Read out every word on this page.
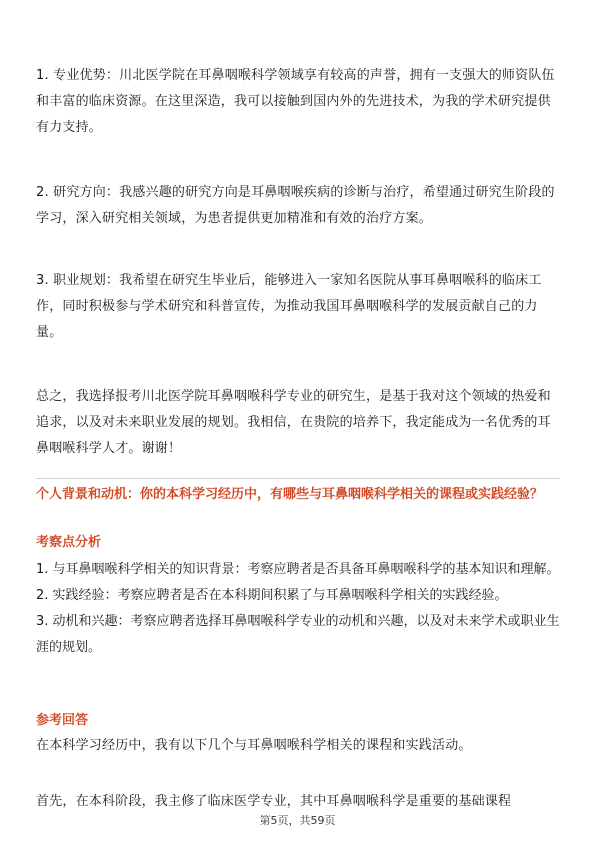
1. 专业优势：川北医学院在耳鼻咽喉科学领域享有较高的声誉，拥有一支强大的师资队伍和丰富的临床资源。在这里深造，我可以接触到国内外的先进技术，为我的学术研究提供有力支持。

2. 研究方向：我感兴趣的研究方向是耳鼻咽喉疾病的诊断与治疗，希望通过研究生阶段的学习，深入研究相关领域，为患者提供更加精准和有效的治疗方案。

3. 职业规划：我希望在研究生毕业后，能够进入一家知名医院从事耳鼻咽喉科的临床工作，同时积极参与学术研究和科普宣传，为推动我国耳鼻咽喉科学的发展贡献自己的力量。

总之，我选择报考川北医学院耳鼻咽喉科学专业的研究生，是基于我对这个领域的热爱和追求，以及对未来职业发展的规划。我相信，在贵院的培养下，我定能成为一名优秀的耳鼻咽喉科学人才。谢谢！

个人背景和动机：你的本科学习经历中，有哪些与耳鼻咽喉科学相关的课程或实践经验？

考察点分析

1. 与耳鼻咽喉科学相关的知识背景：考察应聘者是否具备耳鼻咽喉科学的基本知识和理解。
2. 实践经验：考察应聘者是否在本科期间积累了与耳鼻咽喉科学相关的实践经验。
3. 动机和兴趣：考察应聘者选择耳鼻咽喉科学专业的动机和兴趣，以及对未来学术或职业生涯的规划。

参考回答

在本科学习经历中，我有以下几个与耳鼻咽喉科学相关的课程和实践活动。

首先，在本科阶段，我主修了临床医学专业，其中耳鼻咽喉科学是重要的基础课程

第5页，共59页
